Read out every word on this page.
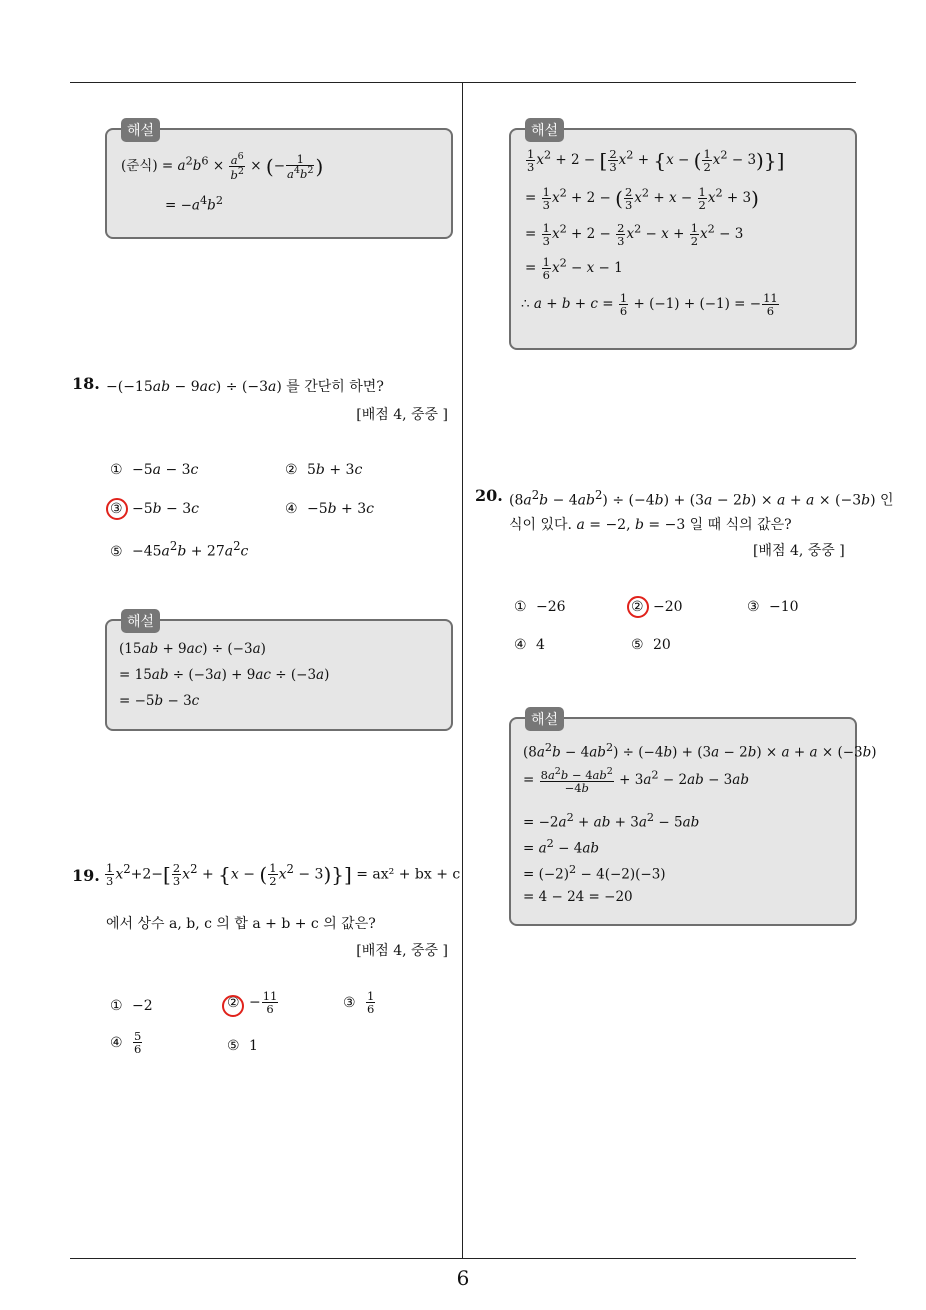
해설
(준식) = $a^2b^6 \times \frac{a^6}{b^2}$ × (− $\frac{1}{a^4b^2}$ )
= $-a^4b^2$
18. −(−15ab − 9ac) ÷ (−3a) 를 간단히 하면?
[배점 4, 중중 ]
① −5a − 3c	② 5b + 3c
③ −5b − 3c	④ −5b + 3c
⑤ $-45a^2b + 27a^2c$
해설
(15ab + 9ac) ÷ (−3a)
= 15ab ÷ (−3a) + 9ac ÷ (−3a)
= −5b − 3c
19. $\frac{1}{3} x^2+2-[ \frac{2}{3} x^2 + \{x$ − ( $\frac{1}{2} x^2 - 3)\}] = ax^2$ + bx + c
에서 상수 a, b, c 의 합 a + b + c 의 값은?
[배점 4, 중중 ]
① −2	② − $\frac{11}{6}$	③ $\frac{1}{6}$
④ $\frac{5}{6}$	⑤ 1
해설
$\frac{1}{3} x^2 + 2$ − [ $\frac{2}{3} x^2 + \{x$ − ( $\frac{1}{2} x^2 - 3$)}]
= $\frac{1}{3} x^2 + 2$ − ( $\frac{2}{3} x^2 + x - \frac{1}{2} x^2 + 3$)
= $\frac{1}{3} x^2 + 2 - \frac{2}{3} x^2 - x + \frac{1}{2} x^2 - 3$
= $\frac{1}{6} x^2 - x - 1$
∴ $a + b + c = \frac{1}{6} + (-1) + (-1)$ = − $\frac{11}{6}$
20. $(8a^2b - 4ab^2) \div (-4b) + (3a - 2b) \times a + a \times (-3b)$ 인
식이 있다. a = −2, b = −3 일 때 식의 값은?
[배점 4, 중중 ]
① −26	② −20	③ −10
④ 4	⑤ 20
해설
$(8a^2b - 4ab^2) \div (-4b) + (3a - 2b) \times a + a \times (-3b)$
= $\frac{8a^2b - 4ab^2}{-4b} + 3a^2 - 2ab - 3ab$
= $-2a^2$ + ab + $3a^2 - 5ab$
= $a^2 - 4ab$
= $(-2)^2 - 4(-2)(-3)$
= 4 − 24 = −20
6
